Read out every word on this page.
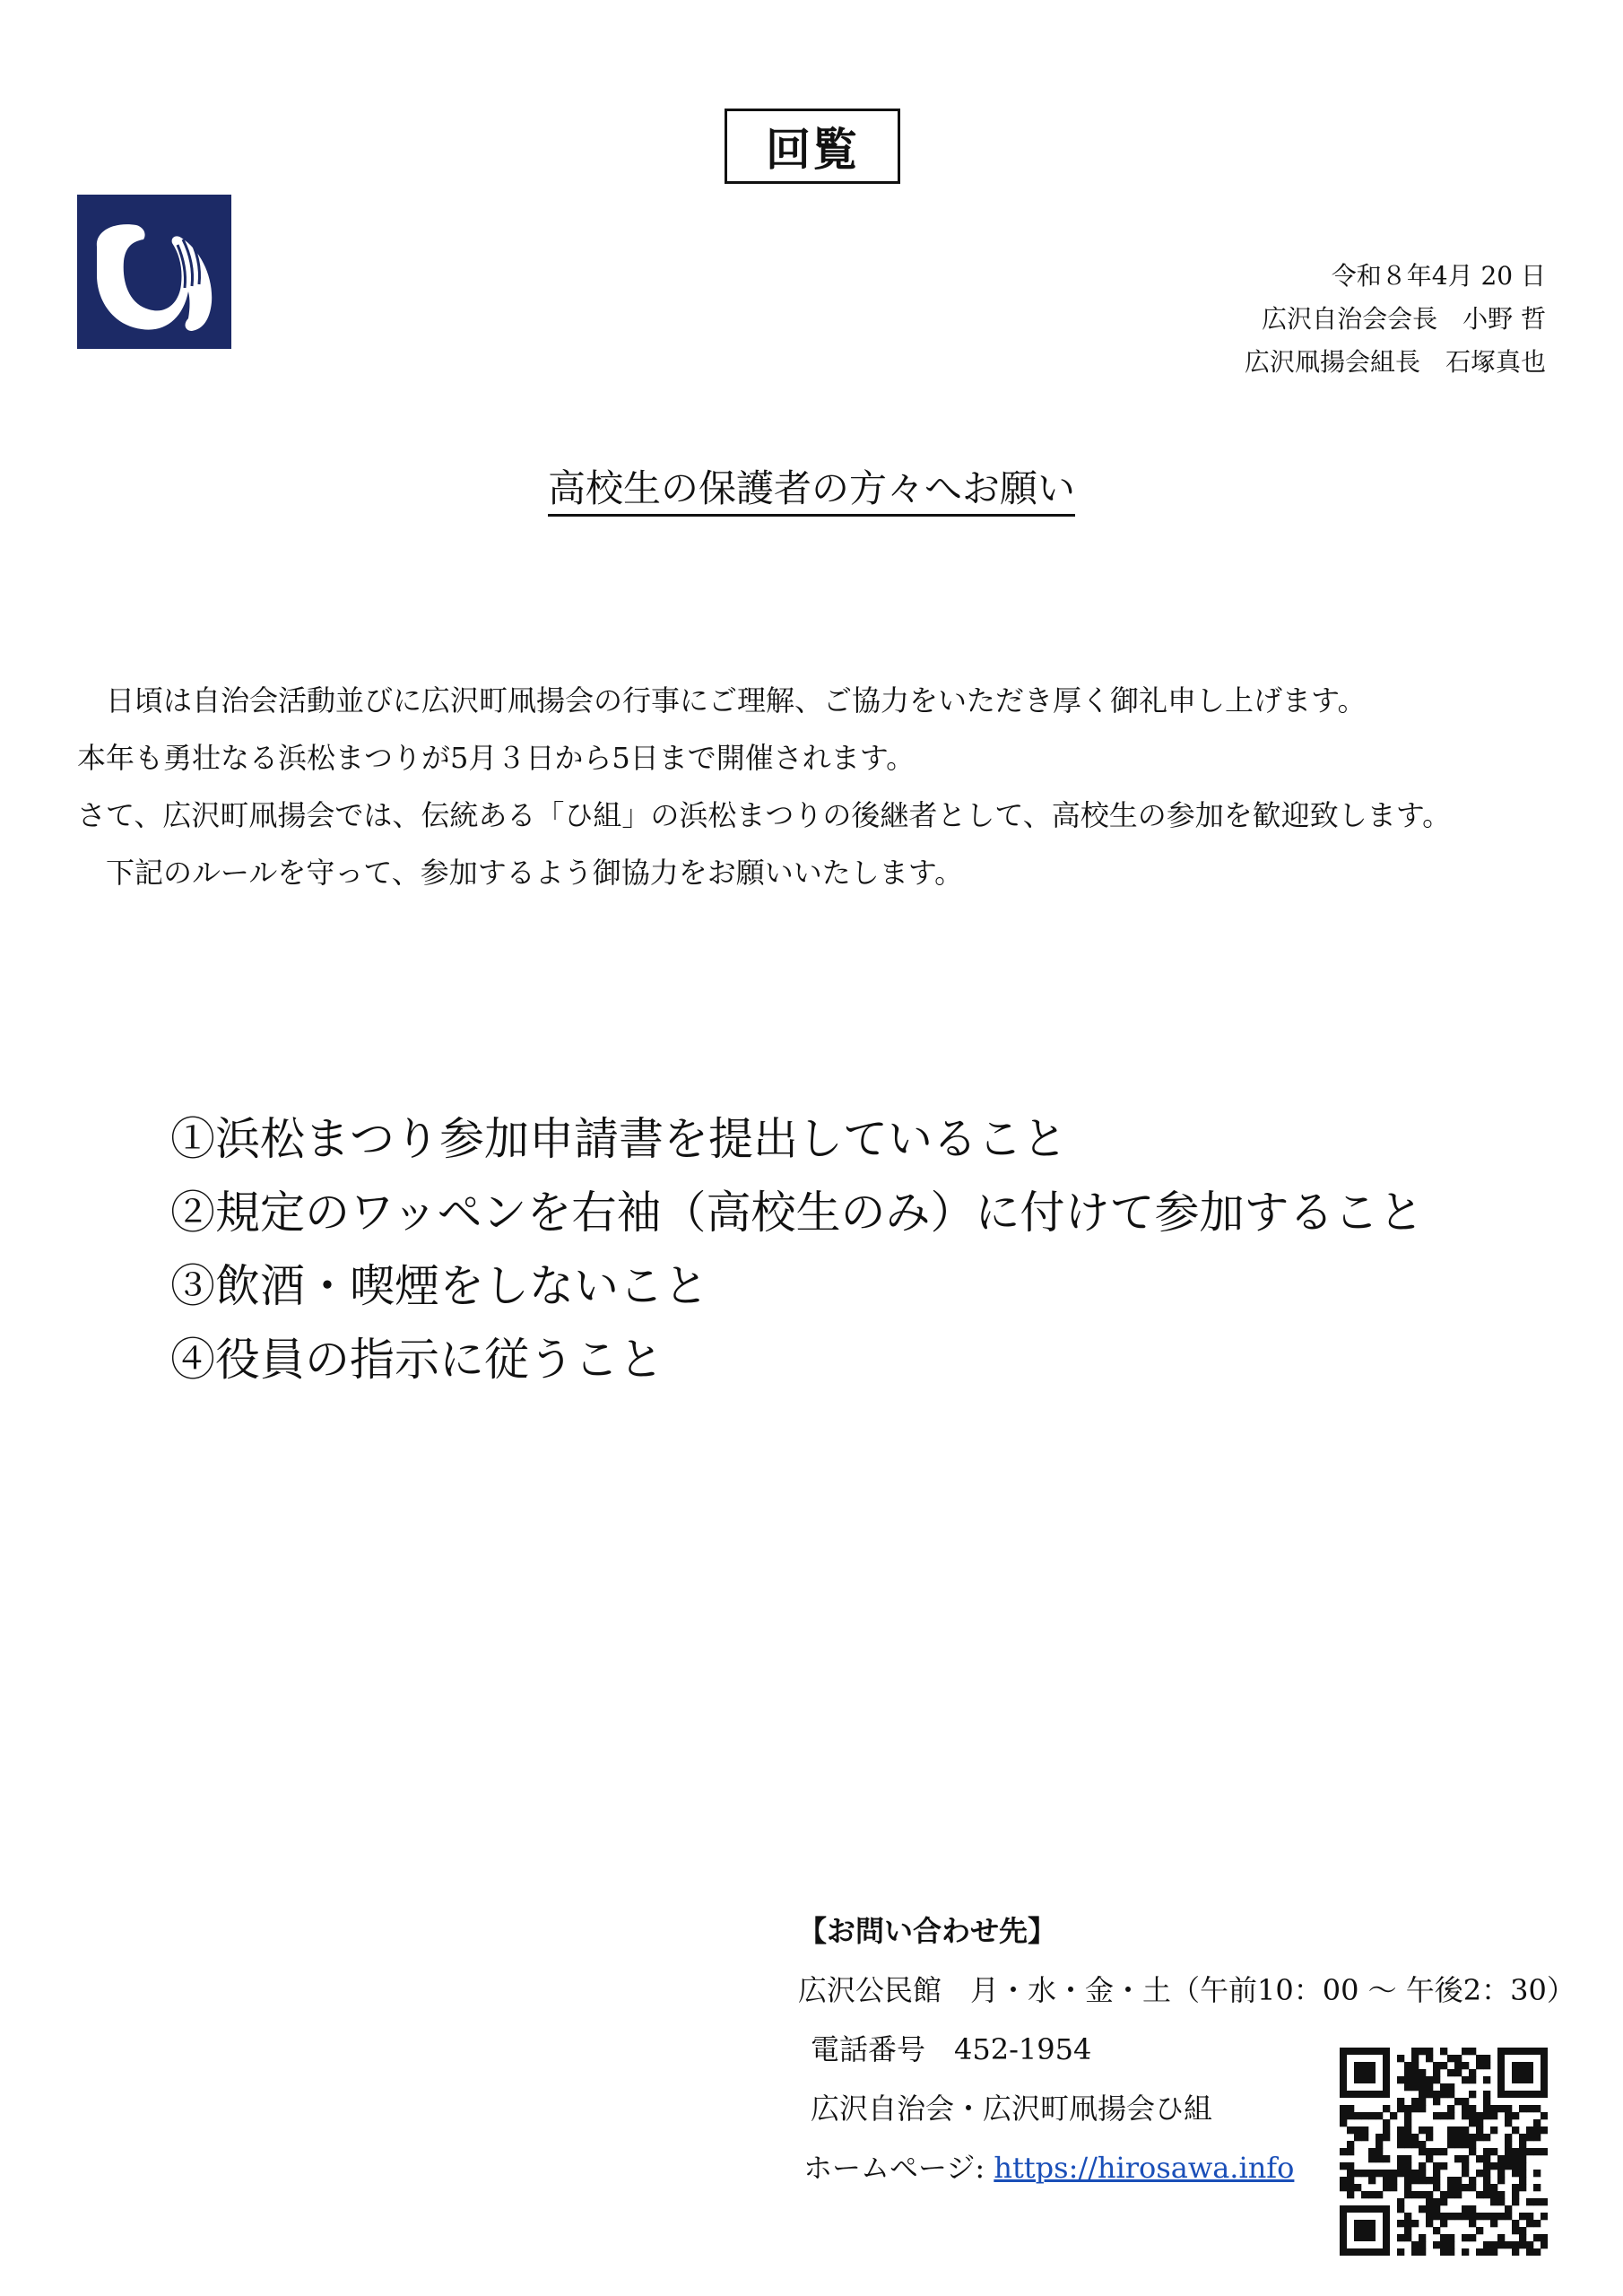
回覧
令和８年4月 20 日
広沢自治会会長　小野 哲
広沢凧揚会組長　石塚真也
高校生の保護者の方々へお願い
　日頃は自治会活動並びに広沢町凧揚会の行事にご理解、ご協力をいただき厚く御礼申し上げます。
本年も勇壮なる浜松まつりが5月３日から5日まで開催されます。
さて、広沢町凧揚会では、伝統ある「ひ組」の浜松まつりの後継者として、高校生の参加を歓迎致します。
　下記のルールを守って、参加するよう御協力をお願いいたします。
①浜松まつり参加申請書を提出していること
②規定のワッペンを右袖（高校生のみ）に付けて参加すること
③飲酒・喫煙をしないこと
④役員の指示に従うこと
【お問い合わせ先】
広沢公民館　月・水・金・土（午前10：00 ～ 午後2：30）
電話番号　452-1954
広沢自治会・広沢町凧揚会ひ組
ホームページ: https://hirosawa.info
